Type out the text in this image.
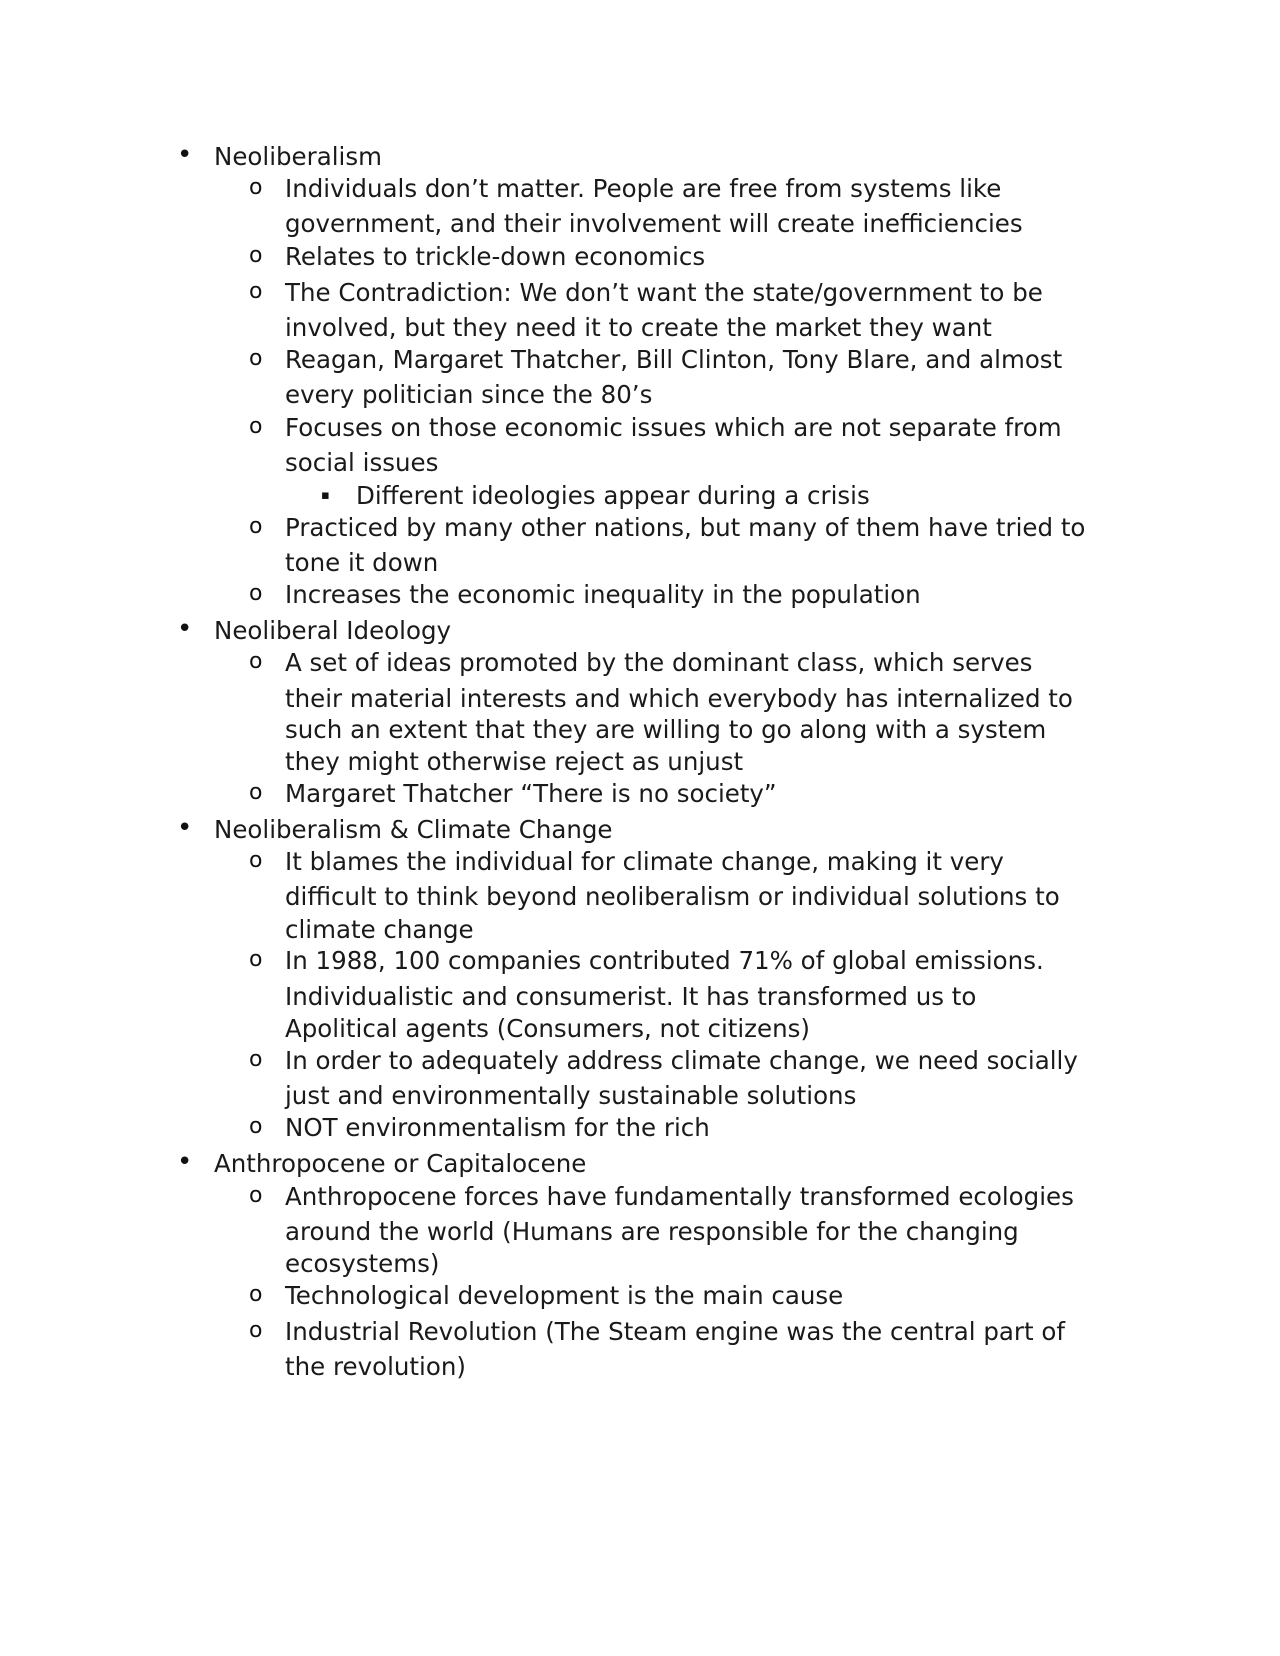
• Neoliberalism
o Individuals don’t matter. People are free from systems like
government, and their involvement will create inefficiencies
o Relates to trickle-down economics
o The Contradiction: We don’t want the state/government to be
involved, but they need it to create the market they want
o Reagan, Margaret Thatcher, Bill Clinton, Tony Blare, and almost
every politician since the 80’s
o Focuses on those economic issues which are not separate from
social issues
▪ Different ideologies appear during a crisis
o Practiced by many other nations, but many of them have tried to
tone it down
o Increases the economic inequality in the population
• Neoliberal Ideology
o A set of ideas promoted by the dominant class, which serves
their material interests and which everybody has internalized to
such an extent that they are willing to go along with a system
they might otherwise reject as unjust
o Margaret Thatcher “There is no society”
• Neoliberalism & Climate Change
o It blames the individual for climate change, making it very
difficult to think beyond neoliberalism or individual solutions to
climate change
o In 1988, 100 companies contributed 71% of global emissions.
Individualistic and consumerist. It has transformed us to
Apolitical agents (Consumers, not citizens)
o In order to adequately address climate change, we need socially
just and environmentally sustainable solutions
o NOT environmentalism for the rich
• Anthropocene or Capitalocene
o Anthropocene forces have fundamentally transformed ecologies
around the world (Humans are responsible for the changing
ecosystems)
o Technological development is the main cause
o Industrial Revolution (The Steam engine was the central part of
the revolution)
